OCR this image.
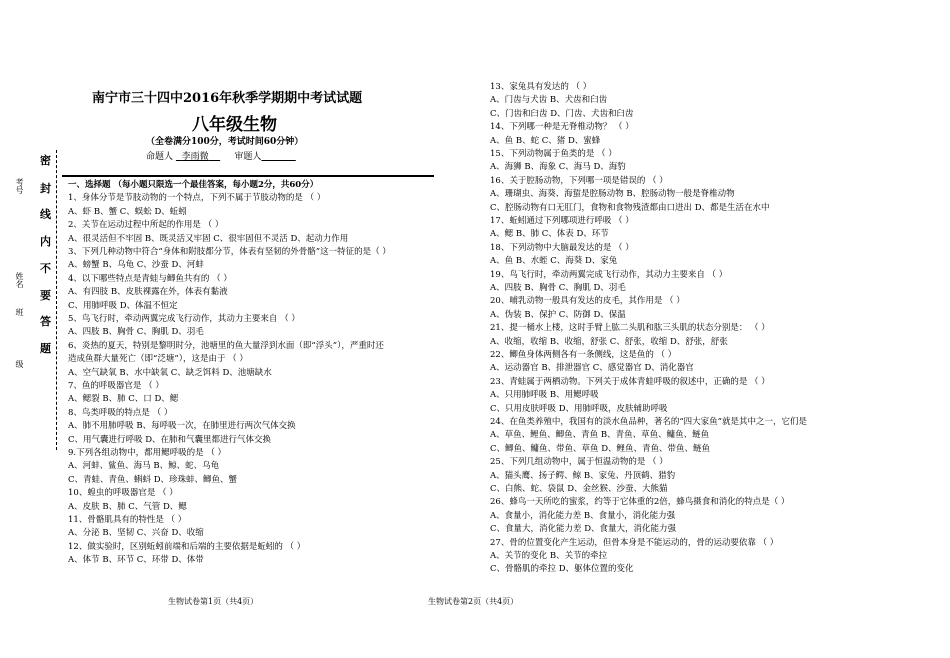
密
封
线
内
不
要
答
题
考号
姓名
班
级
南宁市三十四中2016年秋季学期期中考试试题
八年级生物
（全卷满分100分，考试时间60分钟）
命题人 李雨微	审题人
一、选择题 （每小题只限选一个最佳答案，每小题2分，共60分）
1、身体分节是节肢动物的一个特点，下列不属于节肢动物的是 （ ）
A、虾 B、蟹 C、蜈蚣 D、蚯蚓
2、关节在运动过程中所起的作用是 （ ）
A、很灵活但不牢固 B、既灵活又牢固 C、很牢固但不灵活 D、起动力作用
3、下列几种动物中符合“身体和附肢都分节，体表有坚韧的外骨骼”这一特征的是（ ）
A、螃蟹 B、乌龟 C、沙蚕 D、河蚌
4、以下哪些特点是青蛙与鲫鱼共有的 （ ）
A、有四肢 B、皮肤裸露在外，体表有黏液
C、用肺呼吸 D、体温不恒定
5、鸟飞行时，牵动两翼完成飞行动作，其动力主要来自 （ ）
A、四肢 B、胸骨 C、胸肌 D、羽毛
6、炎热的夏天，特别是黎明时分，池塘里的鱼大量浮到水面（即“浮头”），严重时还
造成鱼群大量死亡（即“泛塘”），这是由于 （ ）
A、空气缺氧 B、水中缺氧 C、缺乏饵料 D、池塘缺水
7、鱼的呼吸器官是 （ ）
A、鳃裂 B、肺 C、口 D、鳃
8、鸟类呼吸的特点是 （ ）
A、肺不用肺呼吸 B、每呼吸一次，在肺里进行两次气体交换
C、用气囊进行呼吸 D、在肺和气囊里都进行气体交换
9.下列各组动物中，都用鳃呼吸的是 （ ）
A、河蚌、鲨鱼、海马 B、鲸、蛇、乌龟
C、青蛙、青鱼、蝌蚪 D、珍珠蚌、鲫鱼、蟹
10、蝗虫的呼吸器官是 （ ）
A、皮肤 B、肺 C、气管 D、鳃
11、骨骼肌具有的特性是 （ ）
A、分泌 B、坚韧 C、兴奋 D、收缩
12、做实验时，区别蚯蚓前端和后端的主要依据是蚯蚓的 （ ）
A、体节 B、环节 C、环带 D、体带
13、家兔具有发达的 （ ）
A、门齿与犬齿 B、犬齿和臼齿
C、门齿和臼齿 D、门齿、犬齿和臼齿
14、下列哪一种是无脊椎动物？ （ ）
A、鱼 B、蛇 C、猪 D、蜜蜂
15、下列动物属于鱼类的是 （ ）
A、海狮 B、海象 C、海马 D、海豹
16、关于腔肠动物，下列哪一项是错误的 （ ）
A、珊瑚虫、海葵、海蜇是腔肠动物 B、腔肠动物一般是脊椎动物
C、腔肠动物有口无肛门，食物和食物残渣都由口进出 D、都是生活在水中
17、蚯蚓通过下列哪项进行呼吸 （ ）
A、鳃 B、肺 C、体表 D、环节
18、下列动物中大脑最发达的是 （ ）
A、鱼 B、水蛭 C、海葵 D、家兔
19、鸟飞行时，牵动两翼完成飞行动作，其动力主要来自 （ ）
A、四肢 B、胸骨 C、胸肌 D、羽毛
20、哺乳动物一般具有发达的皮毛，其作用是 （ ）
A、伪装 B、保护 C、防御 D、保温
21、提一桶水上楼，这时手臂上肱二头肌和肱三头肌的状态分别是： （ ）
A、收缩，收缩 B、收缩，舒张 C、舒张，收缩 D、舒张，舒张
22、鲫鱼身体两侧各有一条侧线，这是鱼的 （ ）
A、运动器官 B、排泄器官 C、感觉器官 D、消化器官
23、青蛙属于两栖动物。下列关于成体青蛙呼吸的叙述中，正确的是 （ ）
A、只用肺呼吸 B、用鳃呼吸
C、只用皮肤呼吸 D、用肺呼吸，皮肤辅助呼吸
24、在鱼类养殖中，我国有的淡水鱼品种，著名的“四大家鱼”就是其中之一，它们是
A、草鱼、鲤鱼、鲫鱼、青鱼 B、青鱼、草鱼、鳙鱼、鲢鱼
C、鲫鱼、鳙鱼、带鱼、草鱼 D、鲤鱼、青鱼、带鱼、鲢鱼
25、下列几组动物中，属于恒温动物的是 （ ）
A、猫头鹰、扬子鳄、鲸 B、家兔、丹顶鹤、猎豹
C、白熊、蛇、袋鼠 D、金丝猴、沙蚕、大熊猫
26、蜂鸟一天所吃的蜜浆，约等于它体重的2倍，蜂鸟摄食和消化的特点是（ ）
A、食量小，消化能力差 B、食量小，消化能力强
C、食量大，消化能力差 D、食量大，消化能力强
27、骨的位置变化产生运动，但骨本身是不能运动的，骨的运动要依靠 （ ）
A、关节的变化 B、关节的牵拉
C、骨骼肌的牵拉 D、躯体位置的变化
生物试卷第1页（共4页）	生物试卷第2页（共4页）
